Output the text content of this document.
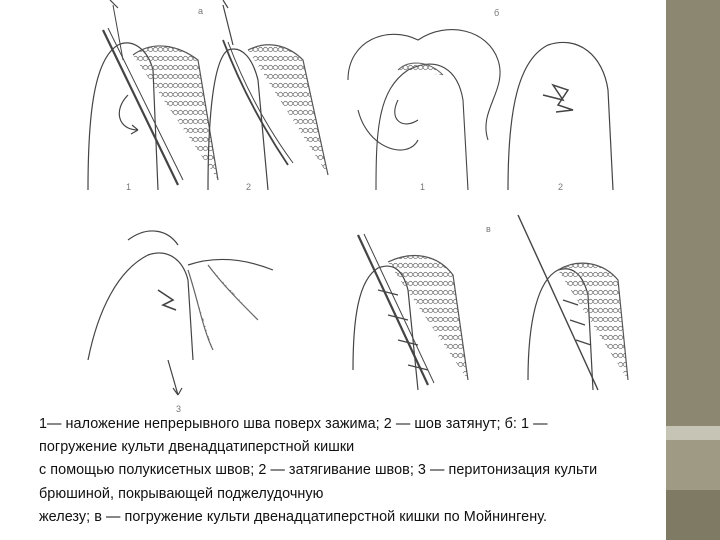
1
а
2	1
б
2
3
в
1— наложение непрерывного шва поверх зажима; 2 — шов затянут; б: 1 —
погружение культи двенадцатиперстной кишки
с помощью полукисетных швов; 2 — затягивание швов; 3 — перитонизация культи
брюшиной, покрывающей поджелудочную
железу; в — погружение культи двенадцатиперстной кишки по Мойнингену.
